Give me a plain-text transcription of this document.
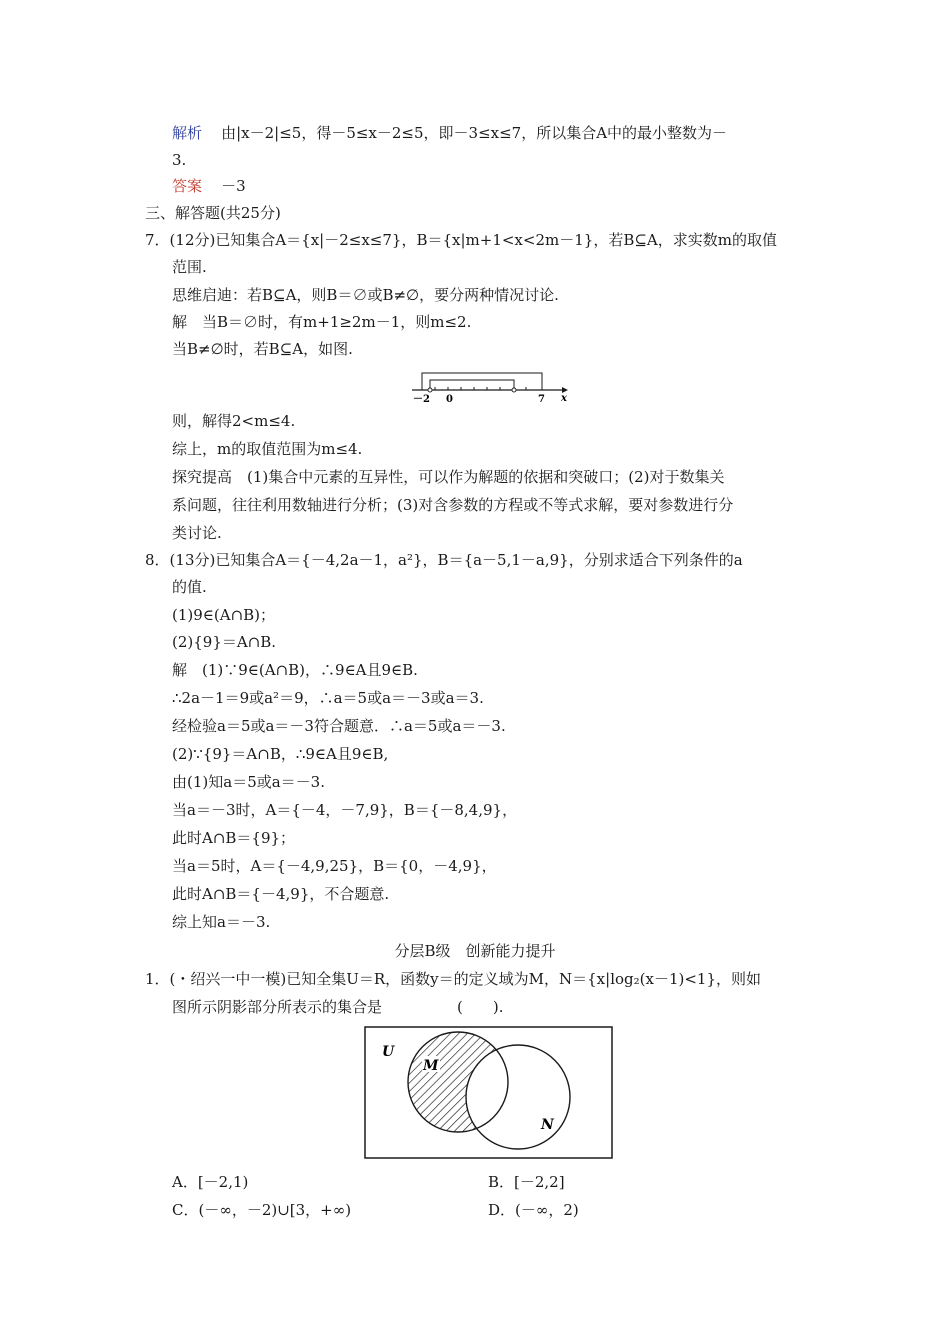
解析 由|x－2|≤5，得－5≤x－2≤5，即－3≤x≤7，所以集合A中的最小整数为－
3.
答案 －3
三、解答题(共25分)
7．(12分)已知集合A＝{x|－2≤x≤7}，B＝{x|m+1<x<2m－1}，若B⊆A，求实数m的取值
范围.
思维启迪：若B⊆A，则B＝∅或B≠∅，要分两种情况讨论.
解　当B＝∅时，有m+1≥2m－1，则m≤2.
当B≠∅时，若B⊆A，如图.
－2 0	7 x
则，解得2<m≤4.
综上，m的取值范围为m≤4.
探究提高　(1)集合中元素的互异性，可以作为解题的依据和突破口；(2)对于数集关
系问题，往往利用数轴进行分析；(3)对含参数的方程或不等式求解，要对参数进行分
类讨论.
8．(13分)已知集合A＝{－4,2a－1，a²}，B＝{a－5,1－a,9}，分别求适合下列条件的a
的值.
(1)9∈(A∩B)；
(2){9}＝A∩B.
解　(1)∵9∈(A∩B)，∴9∈A且9∈B.
∴2a－1＝9或a²＝9，∴a＝5或a＝－3或a＝3.
经检验a＝5或a＝－3符合题意．∴a＝5或a＝－3.
(2)∵{9}＝A∩B，∴9∈A且9∈B,
由(1)知a＝5或a＝－3.
当a＝－3时，A＝{－4，－7,9}，B＝{－8,4,9}，
此时A∩B＝{9}；
当a＝5时，A＝{－4,9,25}，B＝{0，－4,9}，
此时A∩B＝{－4,9}，不合题意.
综上知a＝－3.
分层B级　创新能力提升
1．(・绍兴一中一模)已知全集U＝R，函数y＝的定义域为M，N＝{x|log₂(x－1)<1}，则如
图所示阴影部分所表示的集合是　　　　　(　　).
U
M
N
A．[－2,1)	B．[－2,2]
C．(－∞，－2)∪[3，+∞)	D．(－∞，2)
